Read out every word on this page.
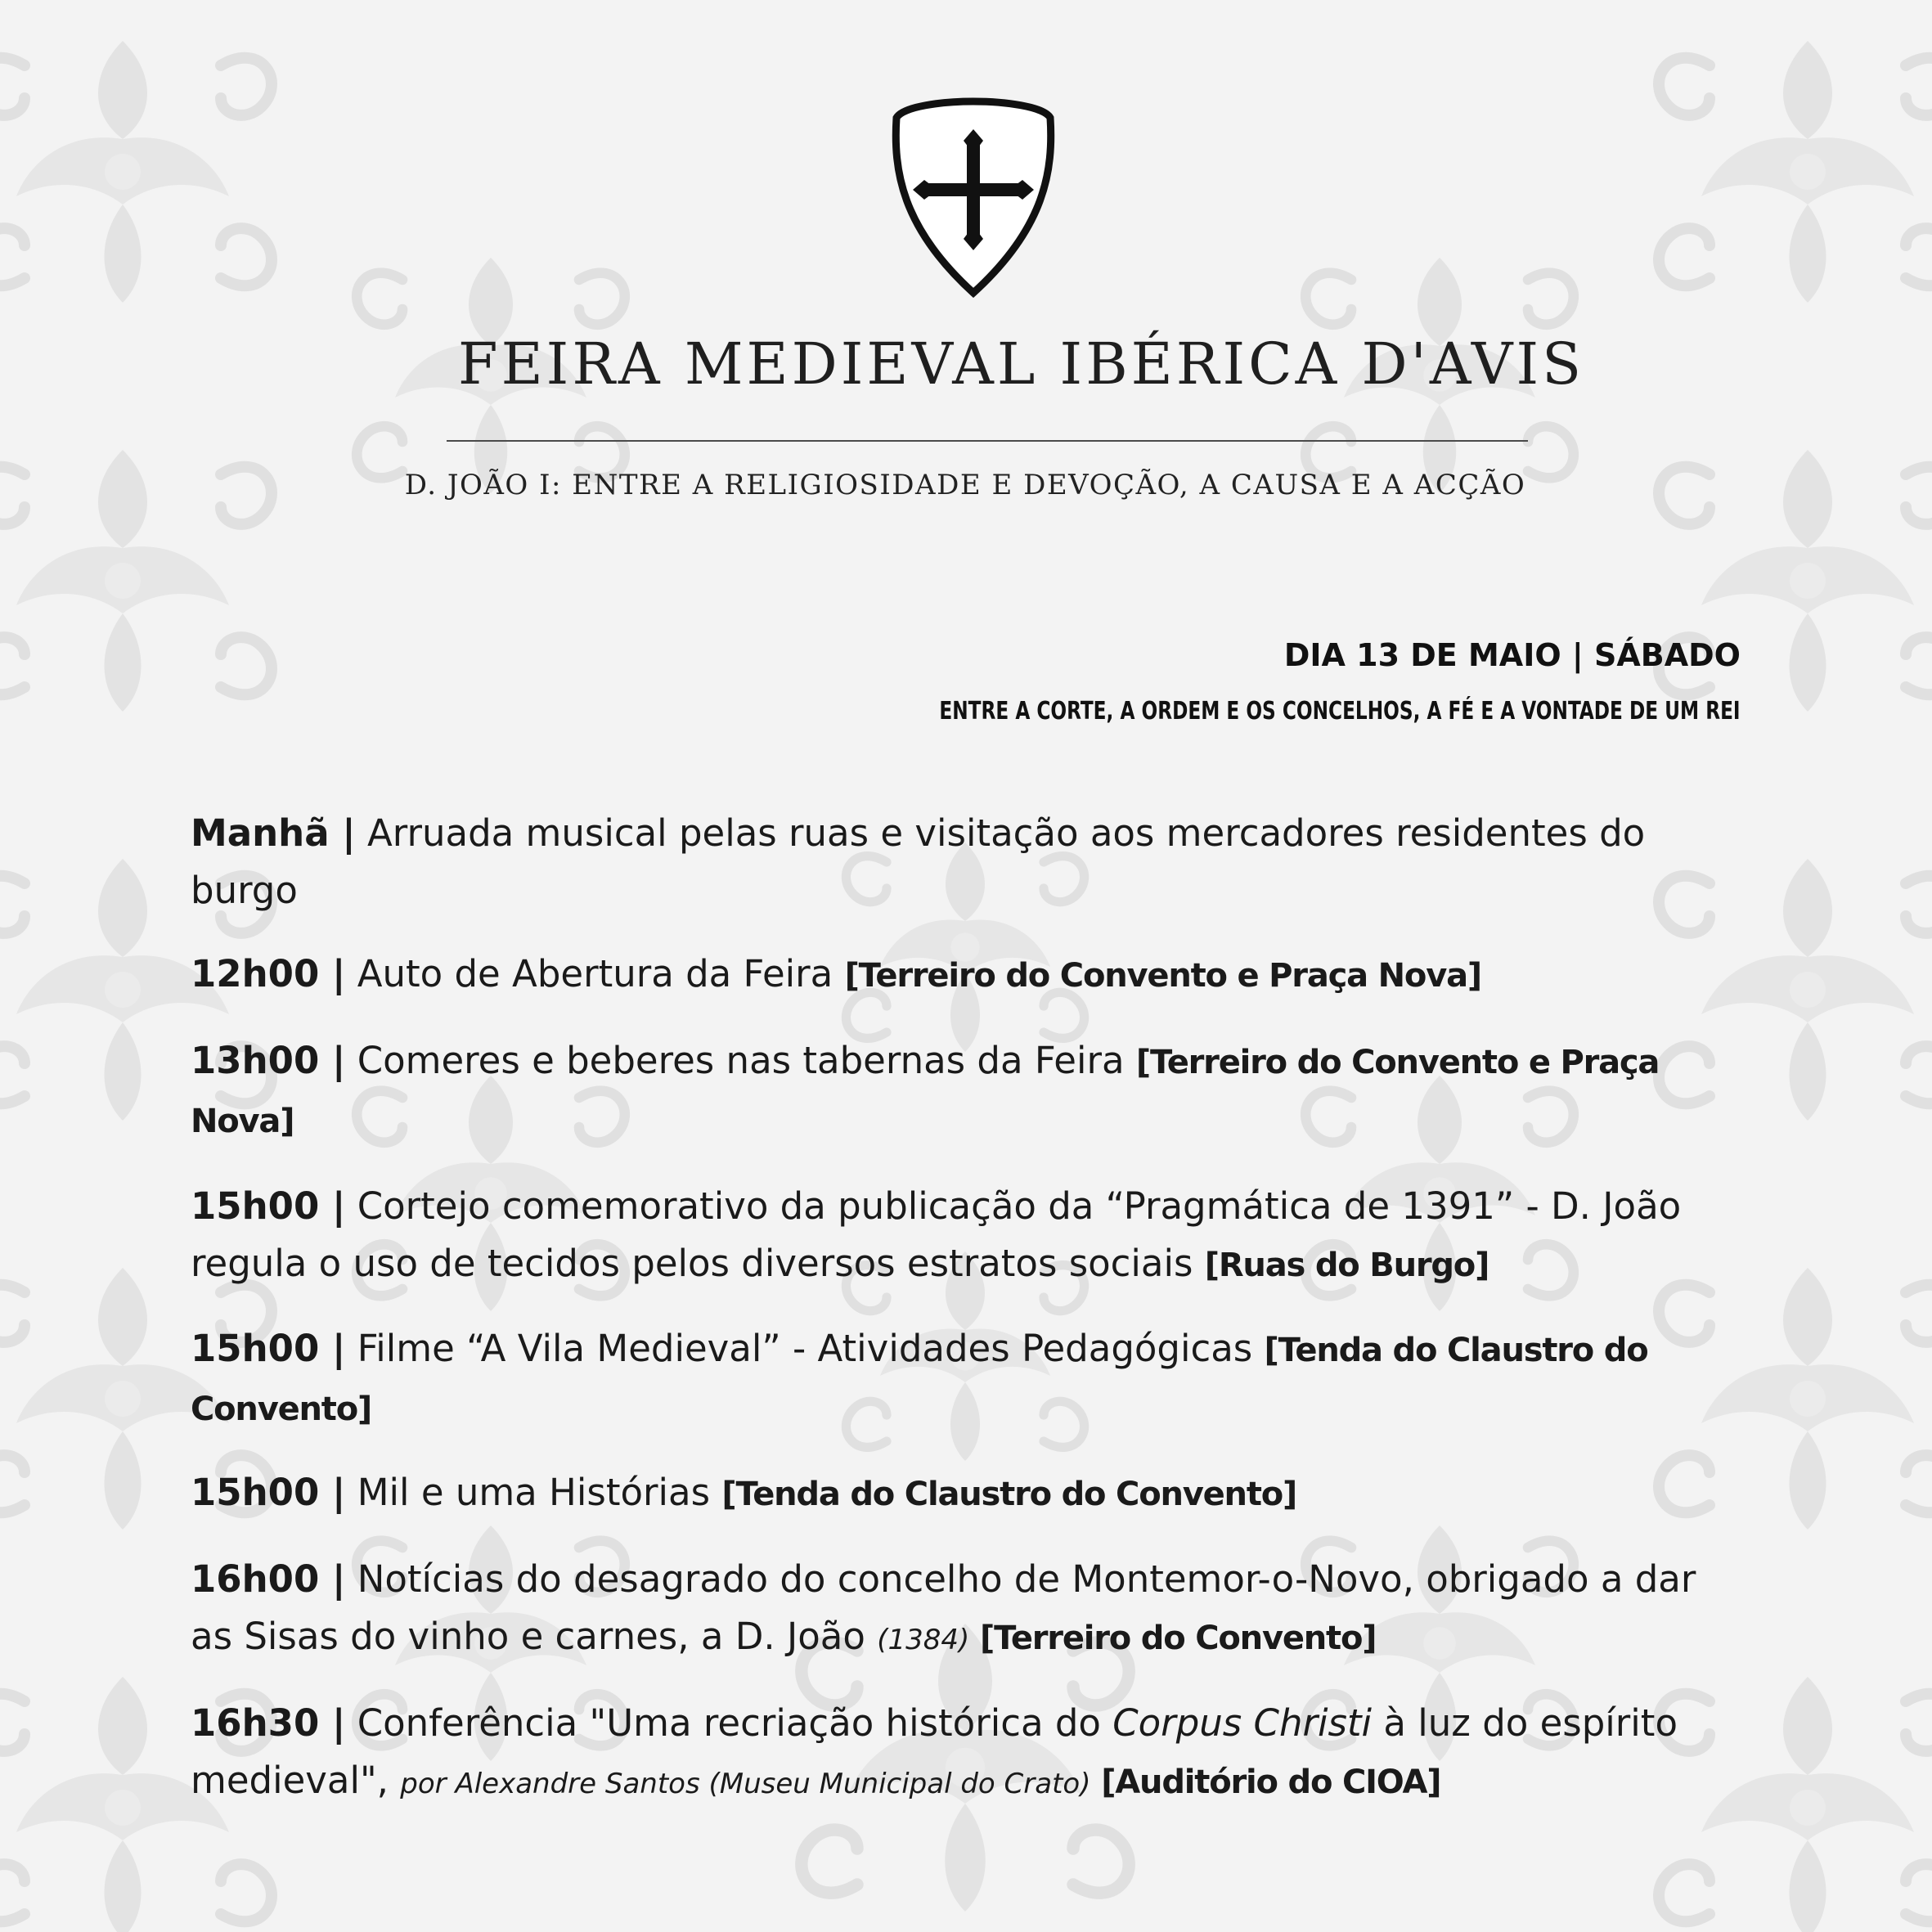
FEIRA MEDIEVAL IBÉRICA D'AVIS
D. JOÃO I: ENTRE A RELIGIOSIDADE E DEVOÇÃO, A CAUSA E A ACÇÃO
DIA 13 DE MAIO | SÁBADO
ENTRE A CORTE, A ORDEM E OS CONCELHOS, A FÉ E A VONTADE DE UM REI

Manhã | Arruada musical pelas ruas e visitação aos mercadores residentes do burgo

12h00 | Auto de Abertura da Feira [Terreiro do Convento e Praça Nova]

13h00 | Comeres e beberes nas tabernas da Feira [Terreiro do Convento e Praça Nova]

15h00 | Cortejo comemorativo da publicação da “Pragmática de 1391” - D. João regula o uso de tecidos pelos diversos estratos sociais [Ruas do Burgo]

15h00 | Filme “A Vila Medieval” - Atividades Pedagógicas [Tenda do Claustro do Convento]

15h00 | Mil e uma Histórias [Tenda do Claustro do Convento]

16h00 | Notícias do desagrado do concelho de Montemor-o-Novo, obrigado a dar as Sisas do vinho e carnes, a D. João (1384) [Terreiro do Convento]

16h30 | Conferência "Uma recriação histórica do Corpus Christi à luz do espírito medieval", por Alexandre Santos (Museu Municipal do Crato) [Auditório do CIOA]
